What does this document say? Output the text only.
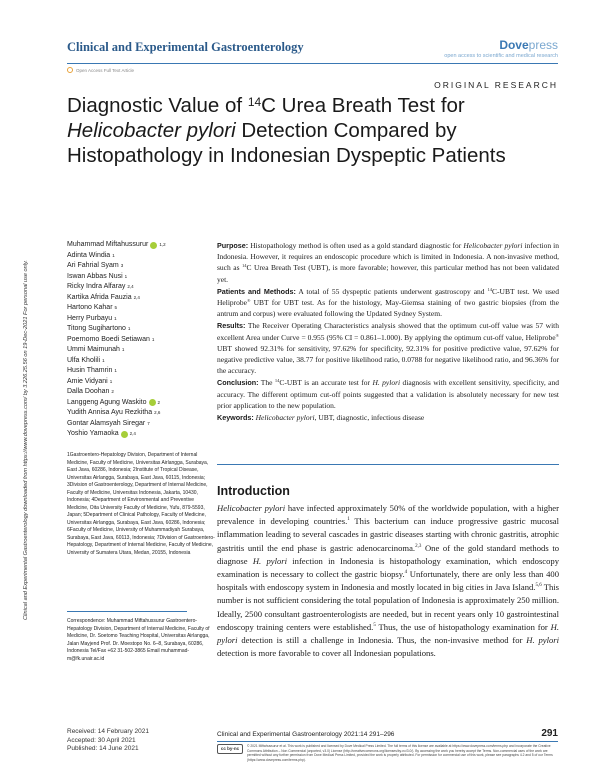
Clinical and Experimental Gastroenterology	Dovepress
open access to scientific and medical research
Open Access Full Text Article
ORIGINAL RESEARCH
Diagnostic Value of $^{14}$C Urea Breath Test for
Helicobacter pylori Detection Compared by Histopathology in Indonesian Dyspeptic Patients
Clinical and Experimental Gastroenterology downloaded from https://www.dovepress.com/ by 3.226.25.56 on 19-Dec-2021 For personal use only.
Muhammad Miftahussurur 1,2
Adinta Windia 1
Ari Fahrial Syam 3
Iswan Abbas Nusi 1
Ricky Indra Alfaray 2,4
Kartika Afrida Fauzia 2,4
Hartono Kahar 5
Herry Purbayu 1
Titong Sugihartono 1
Poernomo Boedi Setiawan 1
Ummi Maimunah 1
Ulfa Kholili 1
Husin Thamrin 1
Amie Vidyani 1
Dalla Doohan 2
Langgeng Agung Waskito 2
Yudith Annisa Ayu Rezkitha 2,6
Gontar Alamsyah Siregar 7
Yoshio Yamaoka 2,4
1Gastroentero-Hepatology Division, Department of Internal Medicine, Faculty of Medicine, Universitas Airlangga, Surabaya, East Java, 60286, Indonesia; 2Institute of Tropical Disease, Universitas Airlangga, Surabaya, East Java, 60115, Indonesia; 3Division of Gastroenterology, Department of Internal Medicine, Faculty of Medicine, Universitas Indonesia, Jakarta, 10430, Indonesia; 4Department of Environmental and Preventive Medicine, Oita University Faculty of Medicine, Yufu, 879-5593, Japan; 5Department of Clinical Pathology, Faculty of Medicine, Universitas Airlangga, Surabaya, East Java, 60286, Indonesia; 6Faculty of Medicine, University of Muhammadiyah Surabaya, Surabaya, East Java, 60113, Indonesia; 7Division of Gastroentero-Hepatology, Department of Internal Medicine, Faculty of Medicine, University of Sumatera Utara, Medan, 20155, Indonesia
Correspondence: Muhammad Miftahussurur Gastroentero-Hepatology Division, Department of Internal Medicine, Faculty of Medicine, Dr. Soetomo Teaching Hospital, Universitas Airlangga, Jalan Mayjend Prof. Dr. Moestopo No. 6–8, Surabaya, 60286, Indonesia Tel/Fax +62 31-502-3865 Email muhammad-m@fk.unair.ac.id
Received: 14 February 2021
Accepted: 30 April 2021
Published: 14 June 2021

Purpose: Histopathology method is often used as a gold standard diagnostic for Helicobacter pylori infection in Indonesia. However, it requires an endoscopic procedure which is limited in Indonesia. A non-invasive method, such as $^{14}$C Urea Breath Test (UBT), is more favorable; however, this particular method has not been validated yet.

Patients and Methods: A total of 55 dyspeptic patients underwent gastroscopy and $^{14}$C-UBT test. We used Heliprobe® UBT for UBT test. As for the histology, May-Giemsa staining of two gastric biopsies (from the antrum and corpus) were evaluated following the Updated Sydney System.

Results: The Receiver Operating Characteristics analysis showed that the optimum cut-off value was 57 with excellent Area under Curve = 0.955 (95% CI = 0.861–1.000). By applying the optimum cut-off value, Heliprobe® UBT showed 92.31% for sensitivity, 97.62% for specificity, 92.31% for positive predictive value, 97.62% for negative predictive value, 38.77 for positive likelihood ratio, 0.0788 for negative likelihood ratio, and 96.36% for the accuracy.

Conclusion: The $^{14}$C-UBT is an accurate test for H. pylori diagnosis with excellent sensitivity, specificity, and accuracy. The different optimum cut-off points suggested that a validation is absolutely necessary for new test prior application to the new population.

Keywords: Helicobacter pylori, UBT, diagnostic, infectious disease

Introduction
Helicobacter pylori have infected approximately 50% of the worldwide population, with a higher prevalence in developing countries.$^1$ This bacterium can induce progressive gastric mucosal inflammation leading to several cascades in gastric diseases starting with chronic gastritis, atrophic gastritis until the end phase is gastric adenocarcinoma.$^{2,3}$ One of the gold standard methods to diagnose H. pylori infection in Indonesia is histopathology examination, which endoscopy examination is necessary to collect the gastric biopsy.$^4$ Unfortunately, there are only less than 400 hospitals with endoscopy system in Indonesia and mostly located in big cities in Java Island.$^{5,6}$ This number is not sufficient considering the total population of Indonesia is approximately 250 million. Ideally, 2500 consultant gastroenterologists are needed, but in recent years only 10 gastrointestinal endoscopy training centers were established.$^5$ Thus, the use of histopathology examination for H. pylori detection is still a challenge in Indonesia. Thus, the non-invasive method for H. pylori detection is more favorable to cover all Indonesian populations.
Clinical and Experimental Gastroenterology 2021:14 291–296	291
cc by-nc	© 2021 Miftahussurur et al. This work is published and licensed by Dove Medical Press Limited. The full terms of this license are available at https://www.dovepress.com/terms.php and incorporate the Creative Commons Attribution – Non Commercial (unported, v3.0) License (http://creativecommons.org/licenses/by-nc/3.0/). By accessing the work you hereby accept the Terms. Non-commercial uses of the work are permitted without any further permission from Dove Medical Press Limited, provided the work is properly attributed. For permission for commercial use of this work, please see paragraphs 4.2 and 5 of our Terms (https://www.dovepress.com/terms.php).
